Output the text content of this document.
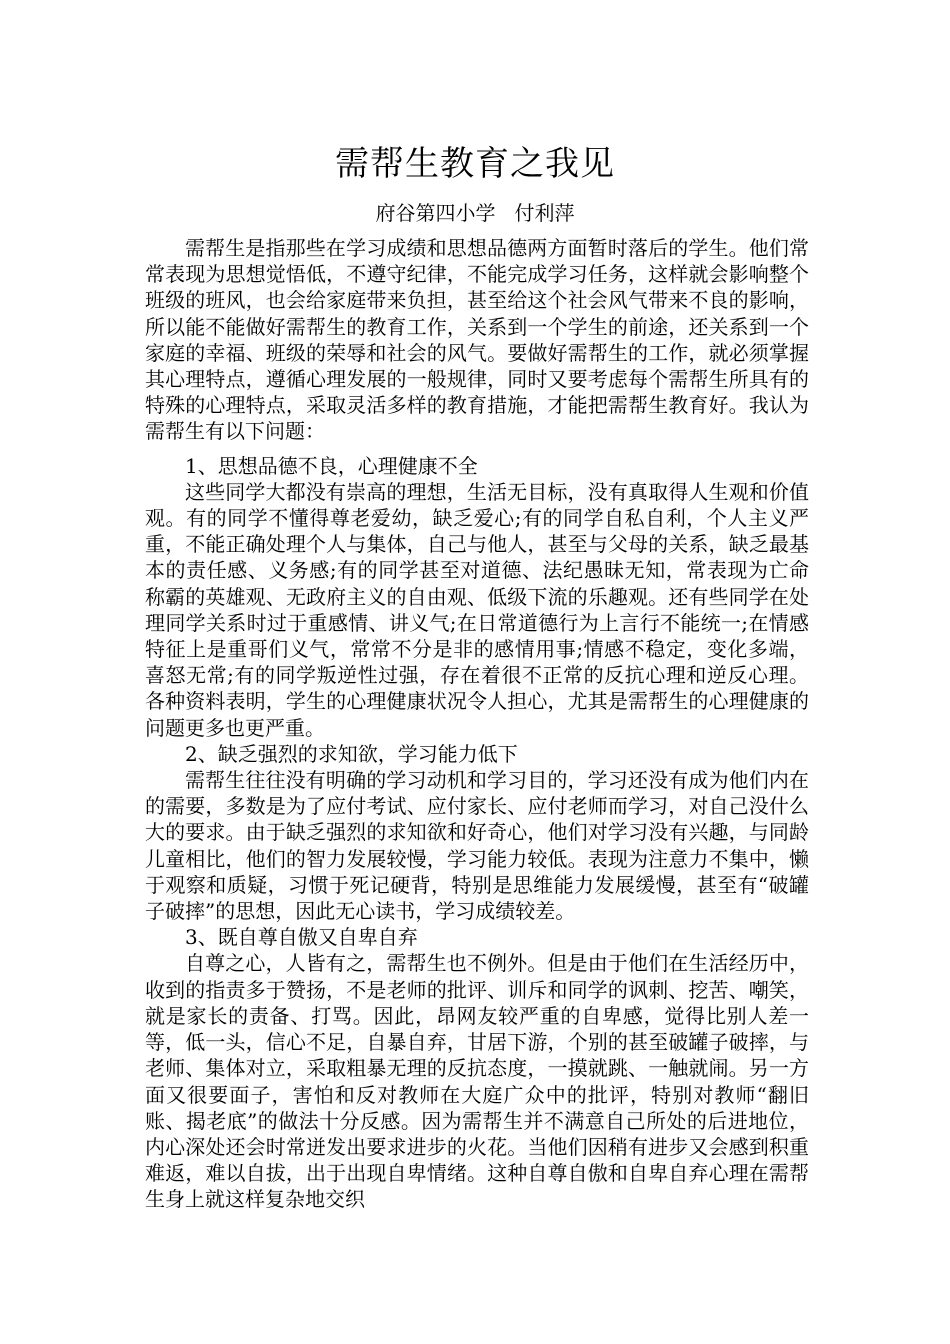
需帮生教育之我见
府谷第四小学   付利萍

需帮生是指那些在学习成绩和思想品德两方面暂时落后的学生。他们常常表现为思想觉悟低，不遵守纪律，不能完成学习任务，这样就会影响整个班级的班风，也会给家庭带来负担，甚至给这个社会风气带来不良的影响，所以能不能做好需帮生的教育工作，关系到一个学生的前途，还关系到一个家庭的幸福、班级的荣辱和社会的风气。要做好需帮生的工作，就必须掌握其心理特点，遵循心理发展的一般规律，同时又要考虑每个需帮生所具有的特殊的心理特点，采取灵活多样的教育措施，才能把需帮生教育好。我认为需帮生有以下问题：

1、思想品德不良，心理健康不全

这些同学大都没有崇高的理想，生活无目标，没有真取得人生观和价值观。有的同学不懂得尊老爱幼，缺乏爱心;有的同学自私自利，个人主义严重，不能正确处理个人与集体，自己与他人，甚至与父母的关系，缺乏最基本的责任感、义务感;有的同学甚至对道德、法纪愚昧无知，常表现为亡命称霸的英雄观、无政府主义的自由观、低级下流的乐趣观。还有些同学在处理同学关系时过于重感情、讲义气;在日常道德行为上言行不能统一;在情感特征上是重哥们义气，常常不分是非的感情用事;情感不稳定，变化多端，喜怒无常;有的同学叛逆性过强，存在着很不正常的反抗心理和逆反心理。各种资料表明，学生的心理健康状况令人担心，尤其是需帮生的心理健康的问题更多也更严重。

2、缺乏强烈的求知欲，学习能力低下

需帮生往往没有明确的学习动机和学习目的，学习还没有成为他们内在的需要，多数是为了应付考试、应付家长、应付老师而学习，对自己没什么大的要求。由于缺乏强烈的求知欲和好奇心，他们对学习没有兴趣，与同龄儿童相比，他们的智力发展较慢，学习能力较低。表现为注意力不集中，懒于观察和质疑，习惯于死记硬背，特别是思维能力发展缓慢，甚至有“破罐子破摔”的思想，因此无心读书，学习成绩较差。

3、既自尊自傲又自卑自弃

自尊之心，人皆有之，需帮生也不例外。但是由于他们在生活经历中，收到的指责多于赞扬，不是老师的批评、训斥和同学的讽刺、挖苦、嘲笑，就是家长的责备、打骂。因此，昂网友较严重的自卑感，觉得比别人差一等，低一头，信心不足，自暴自弃，甘居下游，个别的甚至破罐子破摔，与老师、集体对立，采取粗暴无理的反抗态度，一摸就跳、一触就闹。另一方面又很要面子，害怕和反对教师在大庭广众中的批评，特别对教师“翻旧账、揭老底”的做法十分反感。因为需帮生并不满意自己所处的后进地位，内心深处还会时常迸发出要求进步的火花。当他们因稍有进步又会感到积重难返，难以自拔，出于出现自卑情绪。这种自尊自傲和自卑自弃心理在需帮生身上就这样复杂地交织
